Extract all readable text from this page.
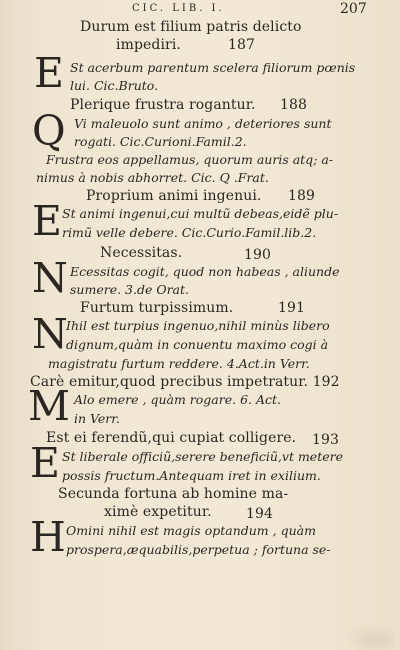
CIC. LIB. I.	207
Durum est filium patris delicto
impediri.	187
E St acerbum parentum scelera filiorum pœnis
lui. Cic.Bruto.
Plerique frustra rogantur. 188
Q Vi maleuolo sunt animo , deteriores sunt
rogati. Cic.Curioni.Famil.2.
Frustra eos appellamus, quorum auris atq; a-
nimus à nobis abhorret. Cic. Q .Frat.
Proprium animi ingenui. 189
E St animi ingenui,cui multũ debeas,eidẽ plu-
rimũ velle debere. Cic.Curio.Famil.lib.2.
Necessitas.	190
N Ecessitas cogit, quod non habeas , aliunde
sumere. 3.de Orat.
Furtum turpissimum.	191
N
Ihil est turpius ingenuo,nihil minùs libero
dignum,quàm in conuentu maximo cogi à
magistratu furtum reddere. 4.Act.in Verr.
Carè emitur,quod precibus impetratur. 192
M Alo emere , quàm rogare. 6. Act.
in Verr.
Est ei ferendũ,qui cupiat colligere. 193
E St liberale officiũ,serere beneficiũ,vt metere
possis fructum.Antequam iret in exilium.
Secunda fortuna ab homine ma-
ximè expetitur. 194
H Omini nihil est magis optandum , quàm
prospera,æquabilis,perpetua ; fortuna se-
